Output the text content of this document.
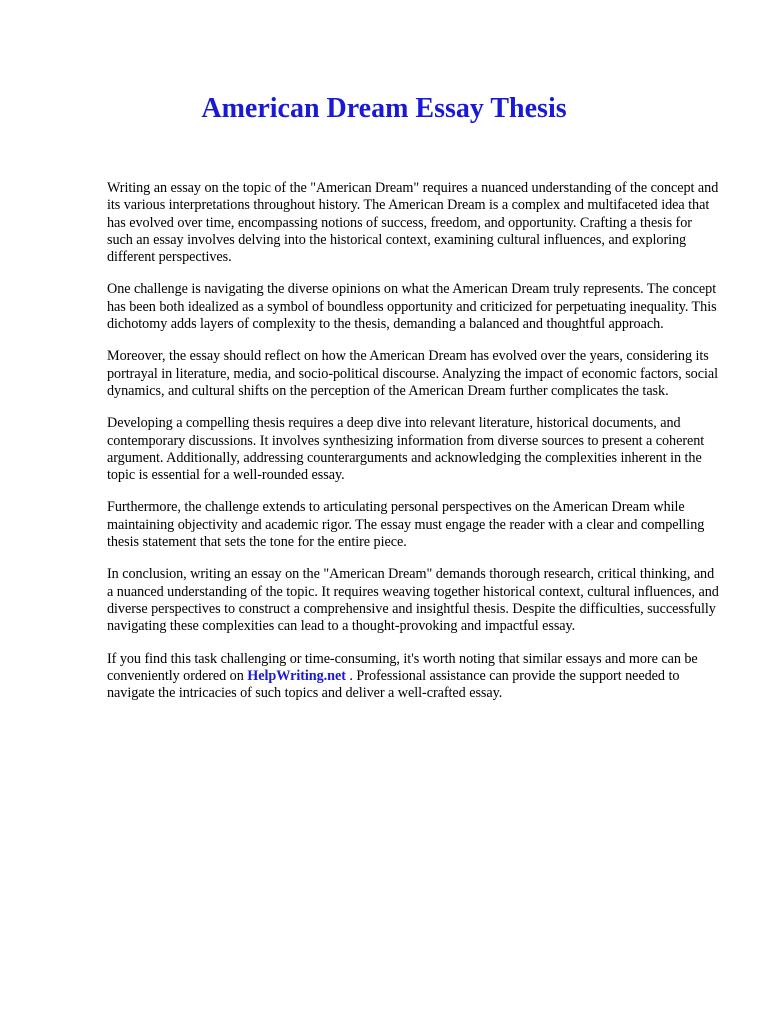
American Dream Essay Thesis

Writing an essay on the topic of the "American Dream" requires a nuanced understanding of the concept and its various interpretations throughout history. The American Dream is a complex and multifaceted idea that has evolved over time, encompassing notions of success, freedom, and opportunity. Crafting a thesis for such an essay involves delving into the historical context, examining cultural influences, and exploring different perspectives.

One challenge is navigating the diverse opinions on what the American Dream truly represents. The concept has been both idealized as a symbol of boundless opportunity and criticized for perpetuating inequality. This dichotomy adds layers of complexity to the thesis, demanding a balanced and thoughtful approach.

Moreover, the essay should reflect on how the American Dream has evolved over the years, considering its portrayal in literature, media, and socio-political discourse. Analyzing the impact of economic factors, social dynamics, and cultural shifts on the perception of the American Dream further complicates the task.

Developing a compelling thesis requires a deep dive into relevant literature, historical documents, and contemporary discussions. It involves synthesizing information from diverse sources to present a coherent argument. Additionally, addressing counterarguments and acknowledging the complexities inherent in the topic is essential for a well-rounded essay.

Furthermore, the challenge extends to articulating personal perspectives on the American Dream while maintaining objectivity and academic rigor. The essay must engage the reader with a clear and compelling thesis statement that sets the tone for the entire piece.

In conclusion, writing an essay on the "American Dream" demands thorough research, critical thinking, and a nuanced understanding of the topic. It requires weaving together historical context, cultural influences, and diverse perspectives to construct a comprehensive and insightful thesis. Despite the difficulties, successfully navigating these complexities can lead to a thought-provoking and impactful essay.

If you find this task challenging or time-consuming, it's worth noting that similar essays and more can be conveniently ordered on HelpWriting.net . Professional assistance can provide the support needed to navigate the intricacies of such topics and deliver a well-crafted essay.
